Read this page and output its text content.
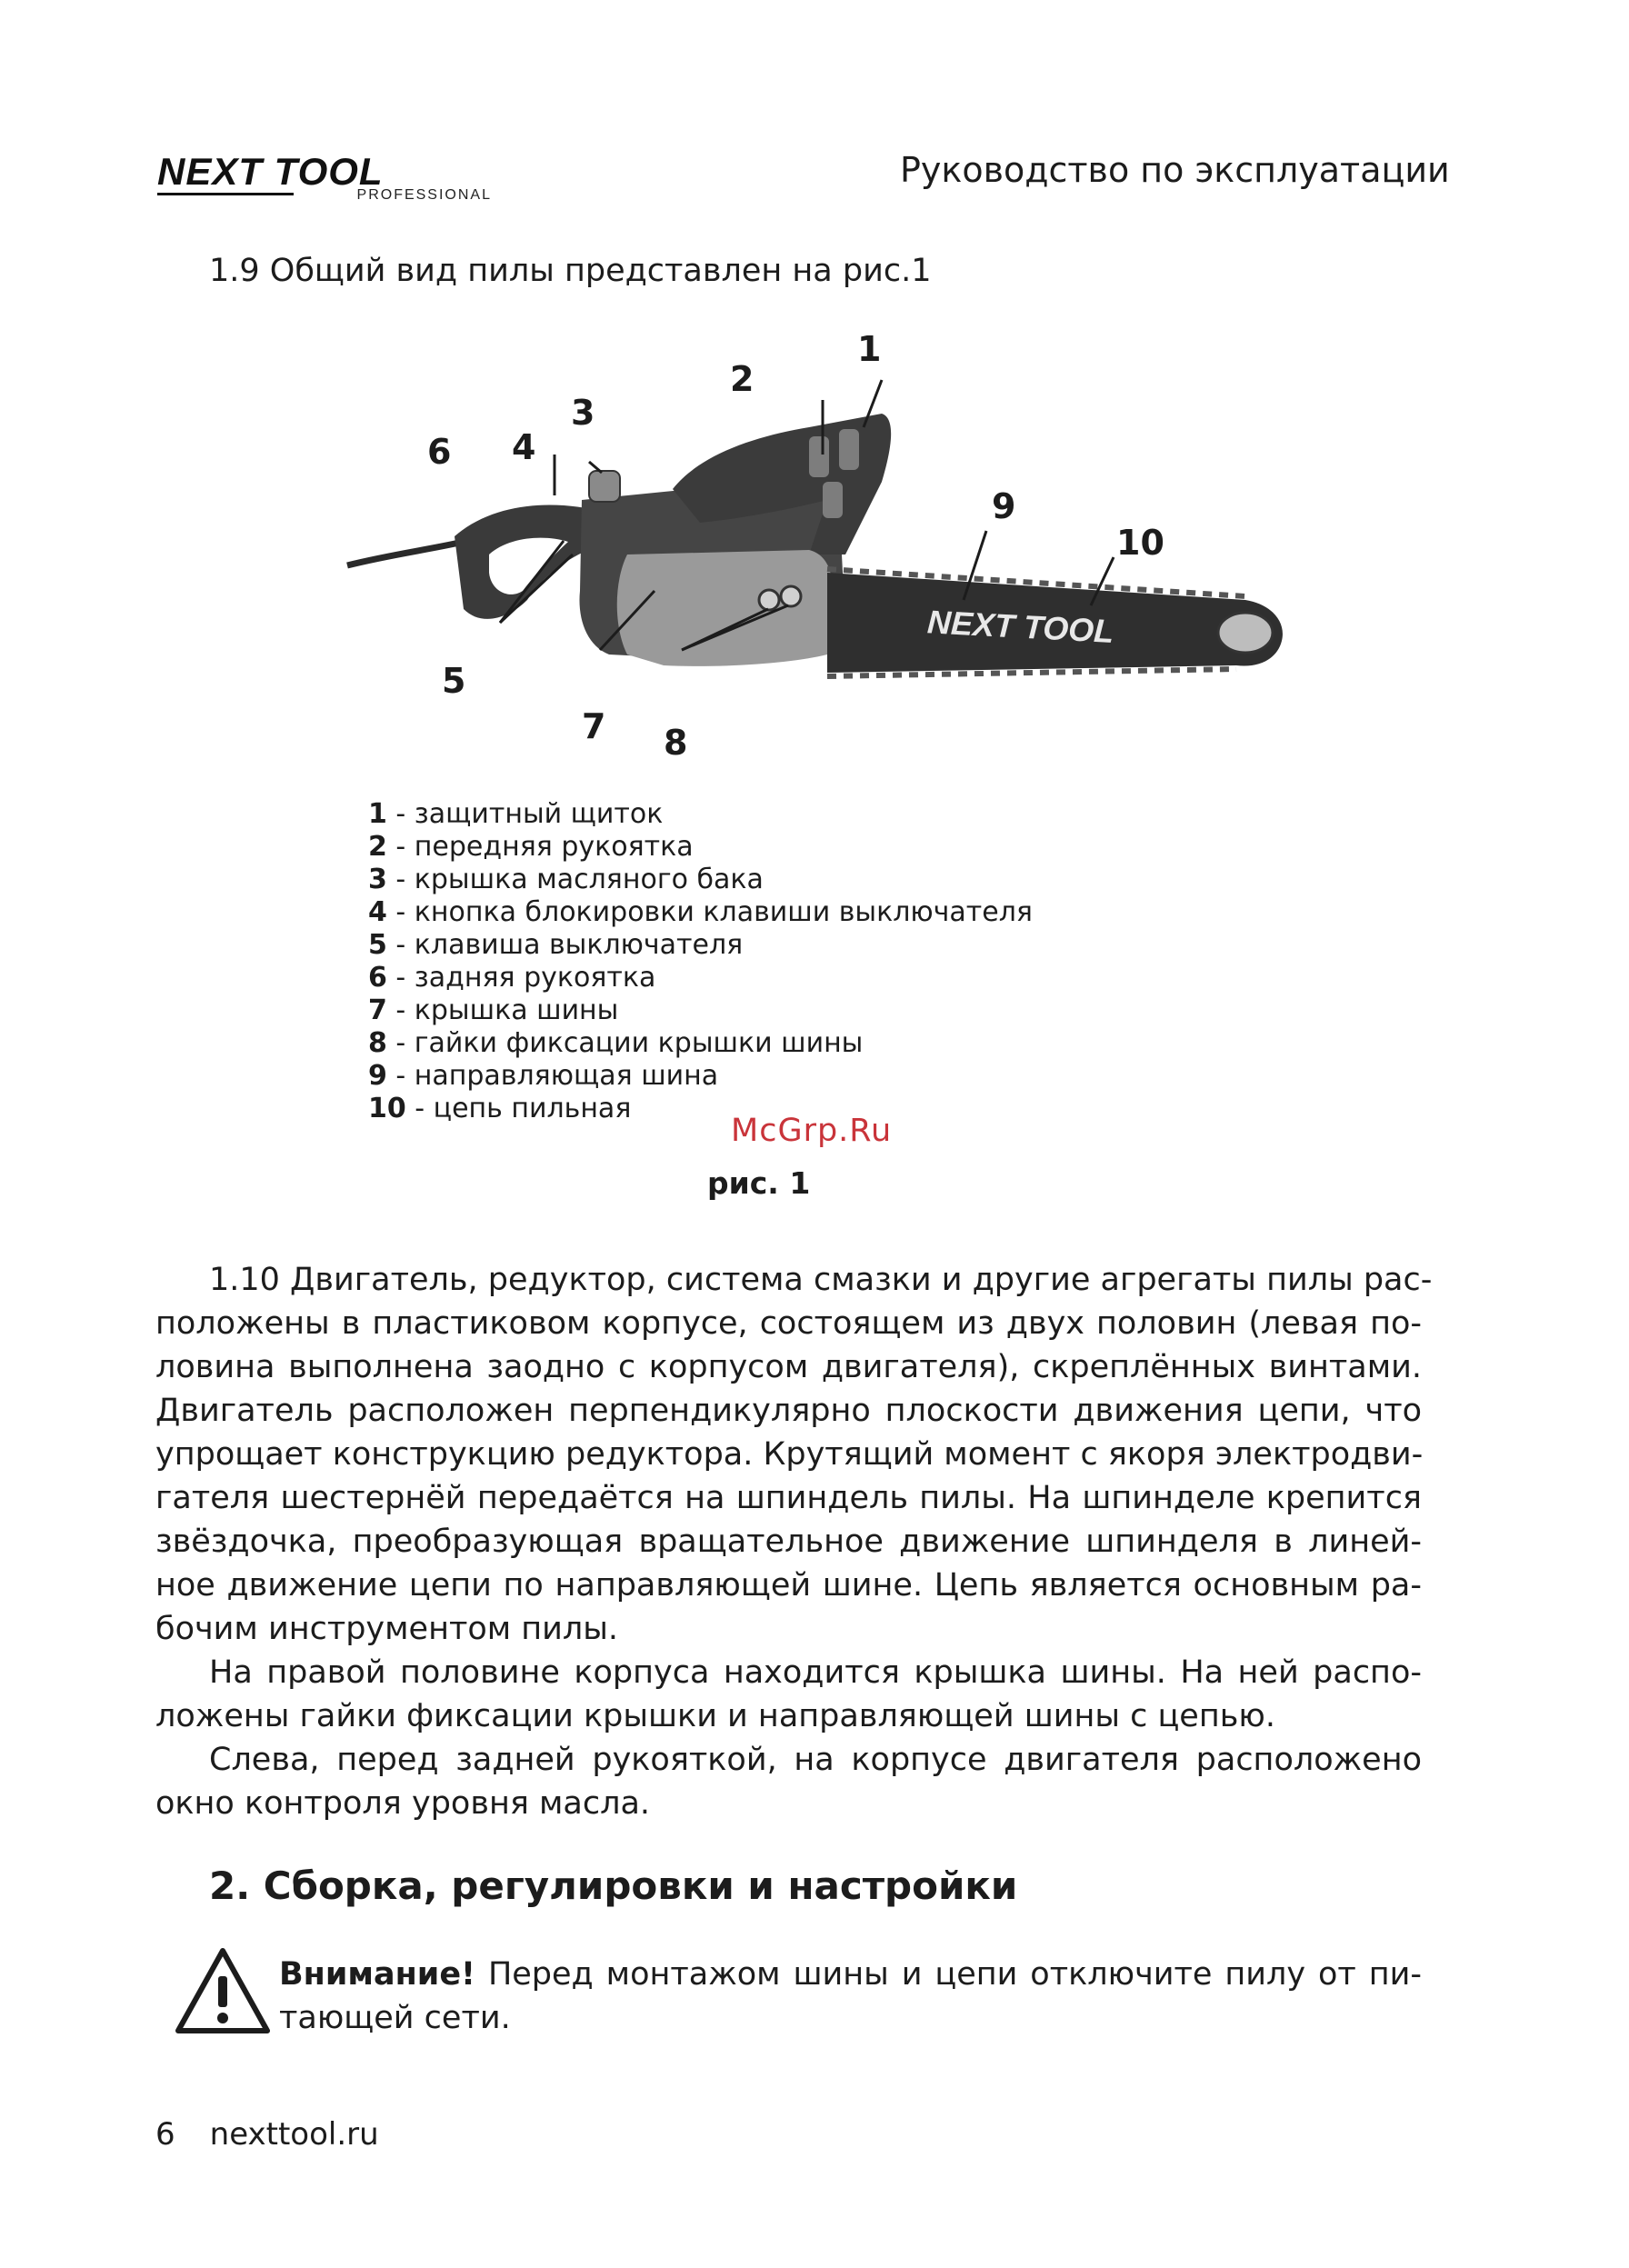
NEXT TOOL
PROFESSIONAL
Руководство по эксплуатации
1.9 Общий вид пилы представлен на рис.1
NEXT TOOL
1
2
3
4
5
6
7 8
9
10
1 - защитный щиток
2 - передняя рукоятка
3 - крышка масляного бака
4 - кнопка блокировки клавиши выключателя
5 - клавиша выключателя
6 - задняя рукоятка
7 - крышка шины
8 - гайки фиксации крышки шины
9 - направляющая шина
10 - цепь пильная
McGrp.Ru
рис. 1
1.10 Двигатель, редуктор, система смазки и другие агрегаты пилы рас-
положены в пластиковом корпусе, состоящем из двух половин (левая по-
ловина выполнена заодно с корпусом двигателя), скреплённых винтами.
Двигатель расположен перпендикулярно плоскости движения цепи, что
упрощает конструкцию редуктора. Крутящий момент с якоря электродви-
гателя шестернёй передаётся на шпиндель пилы. На шпинделе крепится
звёздочка, преобразующая вращательное движение шпинделя в линей-
ное движение цепи по направляющей шине. Цепь является основным ра-
бочим инструментом пилы.
На правой половине корпуса находится крышка шины. На ней распо-
ложены гайки фиксации крышки и направляющей шины с цепью.
Слева, перед задней рукояткой, на корпусе двигателя расположено
окно контроля уровня масла.
2. Сборка, регулировки и настройки
Внимание! Перед монтажом шины и цепи отключите пилу от пи-
тающей сети.
6 nexttool.ru
